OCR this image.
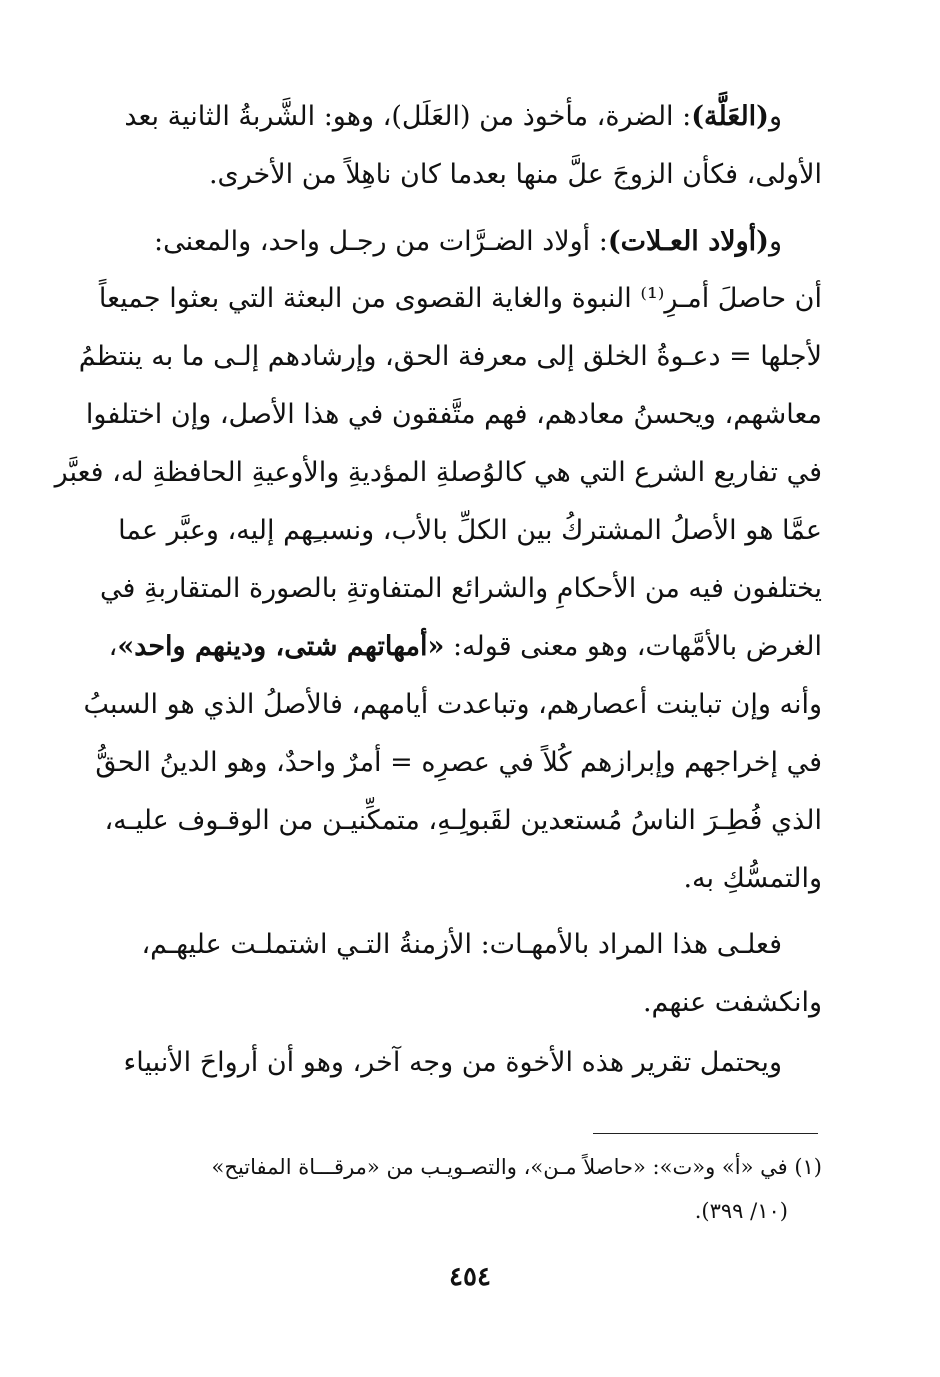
و(العَلَّة): الضرة، مأخوذ من (العَلَل)، وهو: الشَّربةُ الثانية بعد
الأولى، فكأن الزوجَ علَّ منها بعدما كان ناهِلاً من الأخرى.
و(أولاد العـلات): أولاد الضـرَّات من رجـل واحد، والمعنى:
أن حاصلَ أمـرِ⁽¹⁾ النبوة والغاية القصوى من البعثة التي بعثوا جميعاً
لأجلها = دعـوةُ الخلق إلى معرفة الحق، وإرشادهم إلـى ما به ينتظمُ
معاشهم، ويحسنُ معادهم، فهم متَّفقون في هذا الأصل، وإن اختلفوا
في تفاريع الشرع التي هي كالوُصلةِ المؤديةِ والأوعيةِ الحافظةِ له، فعبَّر
عمَّا هو الأصلُ المشتركُ بين الكلِّ بالأب، ونسبـِهم إليه، وعبَّر عما
يختلفون فيه من الأحكامِ والشرائع المتفاوتةِ بالصورة المتقاربةِ في
الغرض بالأمَّهات، وهو معنى قوله: «أمهاتهم شتى، ودينهم واحد»،
وأنه وإن تباينت أعصارهم، وتباعدت أيامهم، فالأصلُ الذي هو السببُ
في إخراجهم وإبرازهم كُلاً في عصرِه = أمرٌ واحدٌ، وهو الدينُ الحقُّ
الذي فُطِـرَ الناسُ مُستعدين لقَبولِـهِ، متمكِّنيـن من الوقـوف عليـه،
والتمسُّكِ به.
فعلـى هذا المراد بالأمهـات: الأزمنةُ التـي اشتملـت عليهـم،
وانكشفت عنهم.
ويحتمل تقرير هذه الأخوة من وجه آخر، وهو أن أرواحَ الأنبياء
(١) في «أ» و«ت»: «حاصلاً مـن»، والتصـويـب من «مرقـــاة المفاتيح»
(١٠/ ٣٩٩).
٤٥٤
